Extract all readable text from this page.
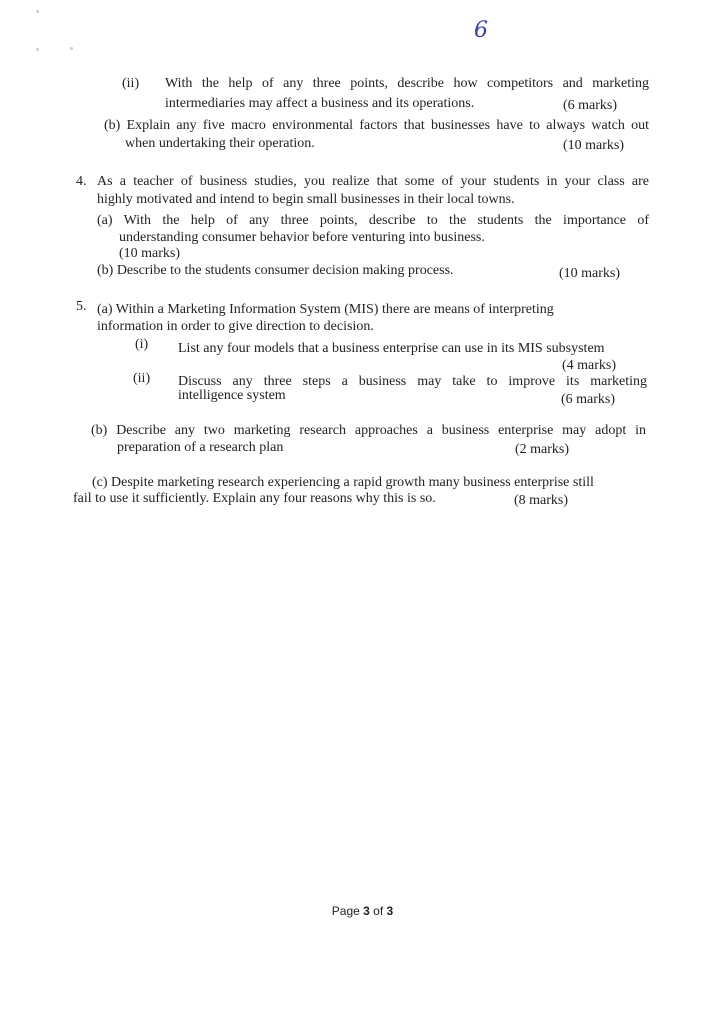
6
(ii) With the help of any three points, describe how competitors and marketing
intermediaries may affect a business and its operations.	(6 marks)
(b) Explain any five macro environmental factors that businesses have to always watch out
when undertaking their operation.	(10 marks)
4. As a teacher of business studies, you realize that some of your students in your class are
highly motivated and intend to begin small businesses in their local towns.
(a) With the help of any three points, describe to the students the importance of
understanding consumer behavior before venturing into business.
(10 marks)
(b) Describe to the students consumer decision making process.	(10 marks)
5. (a) Within a Marketing Information System (MIS) there are means of interpreting
information in order to give direction to decision.
(i) List any four models that a business enterprise can use in its MIS subsystem
(4 marks)
(ii) Discuss any three steps a business may take to improve its marketing
intelligence system	(6 marks)
(b) Describe any two marketing research approaches a business enterprise may adopt in
preparation of a research plan	(2 marks)
(c) Despite marketing research experiencing a rapid growth many business enterprise still
fail to use it sufficiently. Explain any four reasons why this is so.	(8 marks)
Page 3 of 3
